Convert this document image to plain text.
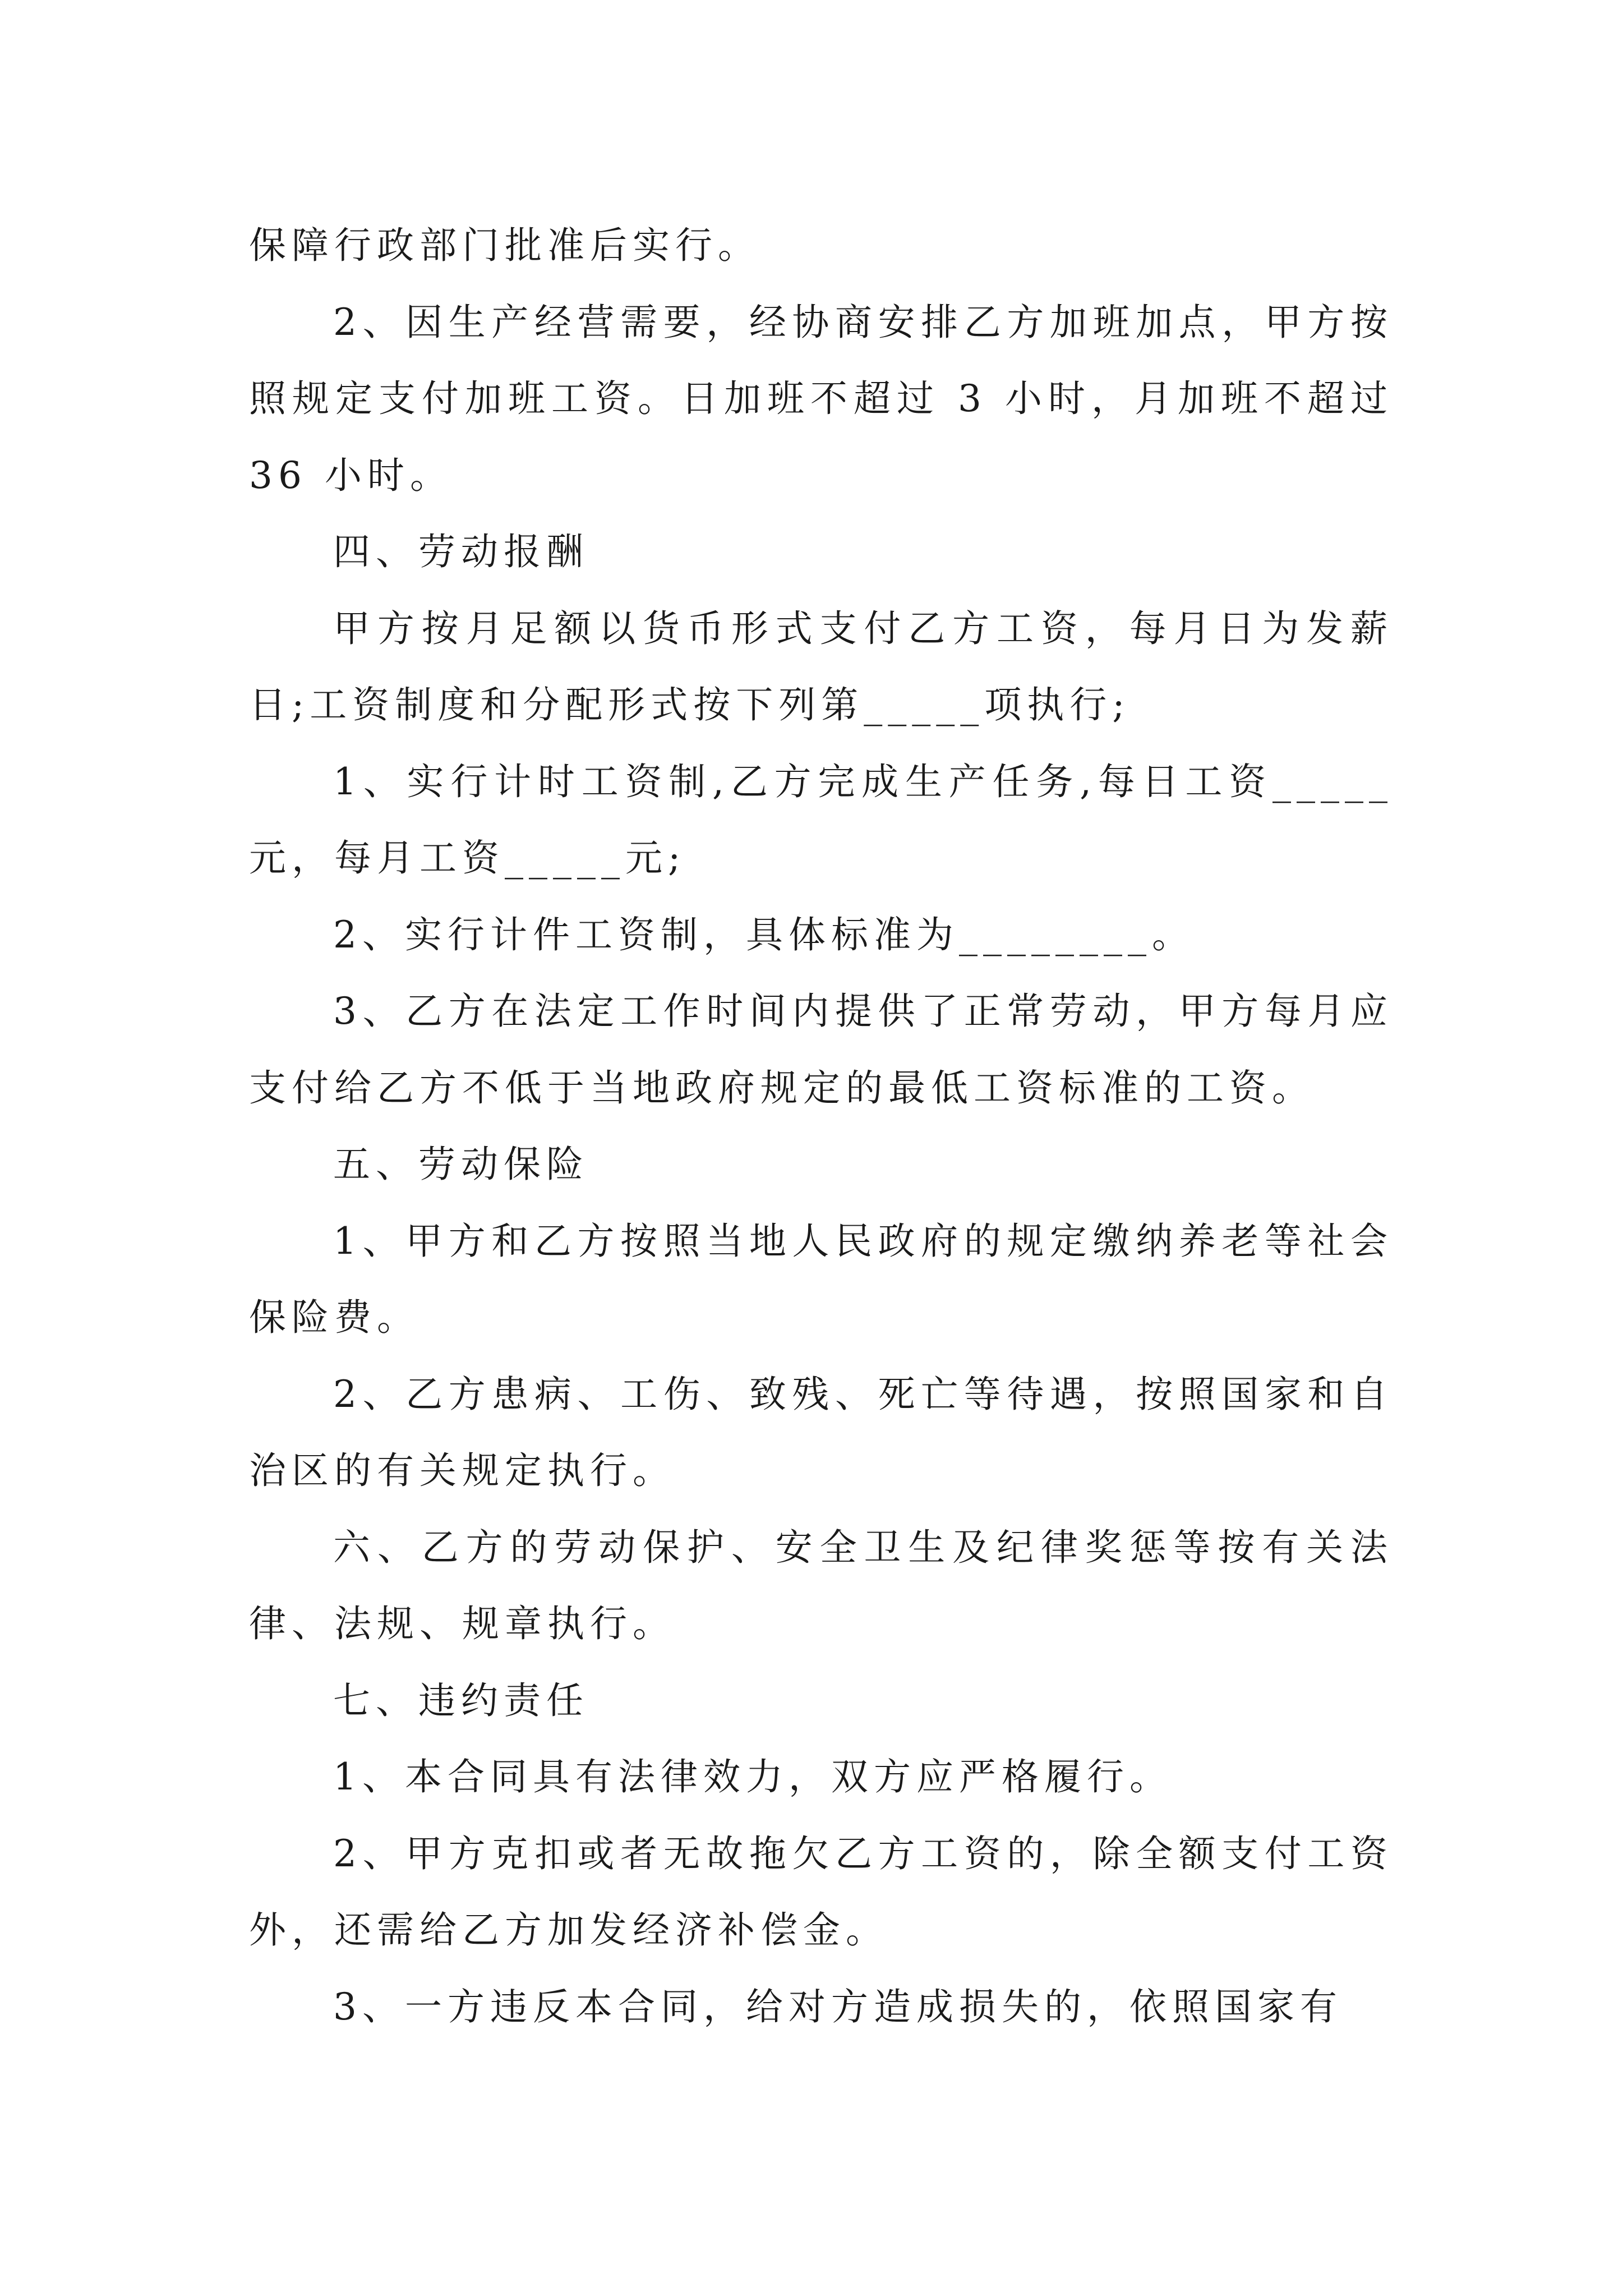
保障行政部门批准后实行。

2、因生产经营需要，经协商安排乙方加班加点，甲方按照规定支付加班工资。日加班不超过 3 小时，月加班不超过 36 小时。

四、劳动报酬

甲方按月足额以货币形式支付乙方工资，每月日为发薪日;工资制度和分配形式按下列第_____项执行;

1、实行计时工资制,乙方完成生产任务,每日工资_____元，每月工资_____元;

2、实行计件工资制，具体标准为________。

3、乙方在法定工作时间内提供了正常劳动，甲方每月应支付给乙方不低于当地政府规定的最低工资标准的工资。

五、劳动保险

1、甲方和乙方按照当地人民政府的规定缴纳养老等社会保险费。

2、乙方患病、工伤、致残、死亡等待遇，按照国家和自治区的有关规定执行。

六、乙方的劳动保护、安全卫生及纪律奖惩等按有关法律、法规、规章执行。

七、违约责任

1、本合同具有法律效力，双方应严格履行。

2、甲方克扣或者无故拖欠乙方工资的，除全额支付工资外，还需给乙方加发经济补偿金。

3、一方违反本合同，给对方造成损失的，依照国家有
